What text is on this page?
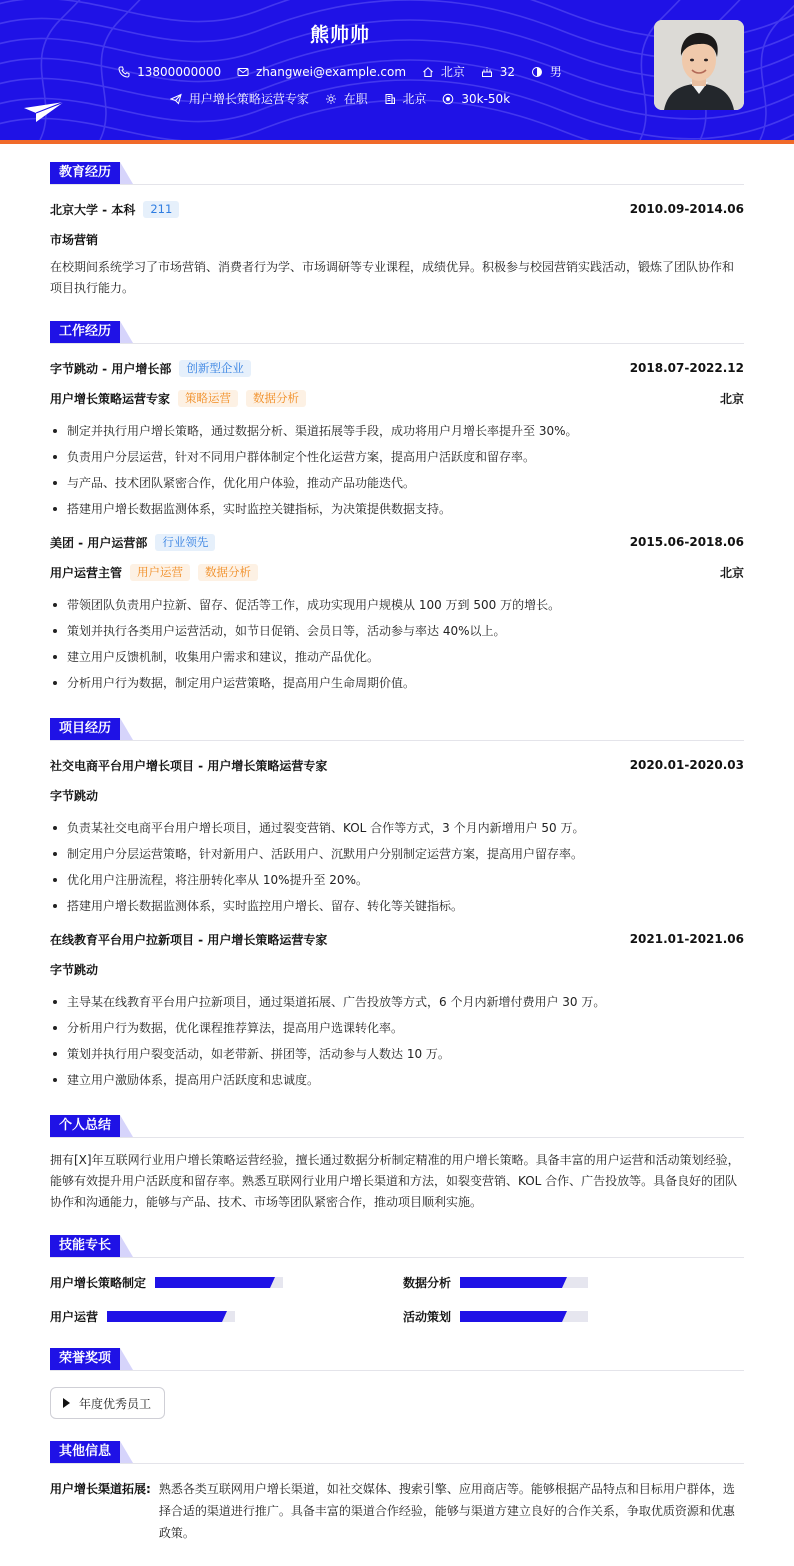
熊帅帅
13800000000
	zhangwei@example.com
	北京
	32
	男
用户增长策略运营专家
	在职
	北京
	30k-50k
教育经历
北京大学 - 本科	211	2010.09-2014.06
市场营销
在校期间系统学习了市场营销、消费者行为学、市场调研等专业课程，成绩优异。积极参与校园营销实践活动，锻炼了团队协作和项目执行能力。
工作经历
字节跳动 - 用户增长部	创新型企业	2018.07-2022.12
用户增长策略运营专家	策略运营	数据分析	北京
制定并执行用户增长策略，通过数据分析、渠道拓展等手段，成功将用户月增长率提升至 30%。
负责用户分层运营，针对不同用户群体制定个性化运营方案，提高用户活跃度和留存率。
与产品、技术团队紧密合作，优化用户体验，推动产品功能迭代。
搭建用户增长数据监测体系，实时监控关键指标，为决策提供数据支持。
美团 - 用户运营部	行业领先	2015.06-2018.06
用户运营主管	用户运营	数据分析	北京
带领团队负责用户拉新、留存、促活等工作，成功实现用户规模从 100 万到 500 万的增长。
策划并执行各类用户运营活动，如节日促销、会员日等，活动参与率达 40%以上。
建立用户反馈机制，收集用户需求和建议，推动产品优化。
分析用户行为数据，制定用户运营策略，提高用户生命周期价值。
项目经历
社交电商平台用户增长项目 - 用户增长策略运营专家	2020.01-2020.03
字节跳动
负责某社交电商平台用户增长项目，通过裂变营销、KOL 合作等方式，3 个月内新增用户 50 万。
制定用户分层运营策略，针对新用户、活跃用户、沉默用户分别制定运营方案，提高用户留存率。
优化用户注册流程，将注册转化率从 10%提升至 20%。
搭建用户增长数据监测体系，实时监控用户增长、留存、转化等关键指标。
在线教育平台用户拉新项目 - 用户增长策略运营专家	2021.01-2021.06
字节跳动
主导某在线教育平台用户拉新项目，通过渠道拓展、广告投放等方式，6 个月内新增付费用户 30 万。
分析用户行为数据，优化课程推荐算法，提高用户选课转化率。
策划并执行用户裂变活动，如老带新、拼团等，活动参与人数达 10 万。
建立用户激励体系，提高用户活跃度和忠诚度。
个人总结
拥有[X]年互联网行业用户增长策略运营经验，擅长通过数据分析制定精准的用户增长策略。具备丰富的用户运营和活动策划经验，能够有效提升用户活跃度和留存率。熟悉互联网行业用户增长渠道和方法，如裂变营销、KOL 合作、广告投放等。具备良好的团队协作和沟通能力，能够与产品、技术、市场等团队紧密合作，推动项目顺利实施。
技能专长
用户增长策略制定	数据分析
用户运营	活动策划
荣誉奖项
年度优秀员工
其他信息
用户增长渠道拓展: 熟悉各类互联网用户增长渠道，如社交媒体、搜索引擎、应用商店等。能够根据产品特点和目标用户群体，选择合适的渠道进行推广。具备丰富的渠道合作经验，能够与渠道方建立良好的合作关系，争取优质资源和优惠政策。
